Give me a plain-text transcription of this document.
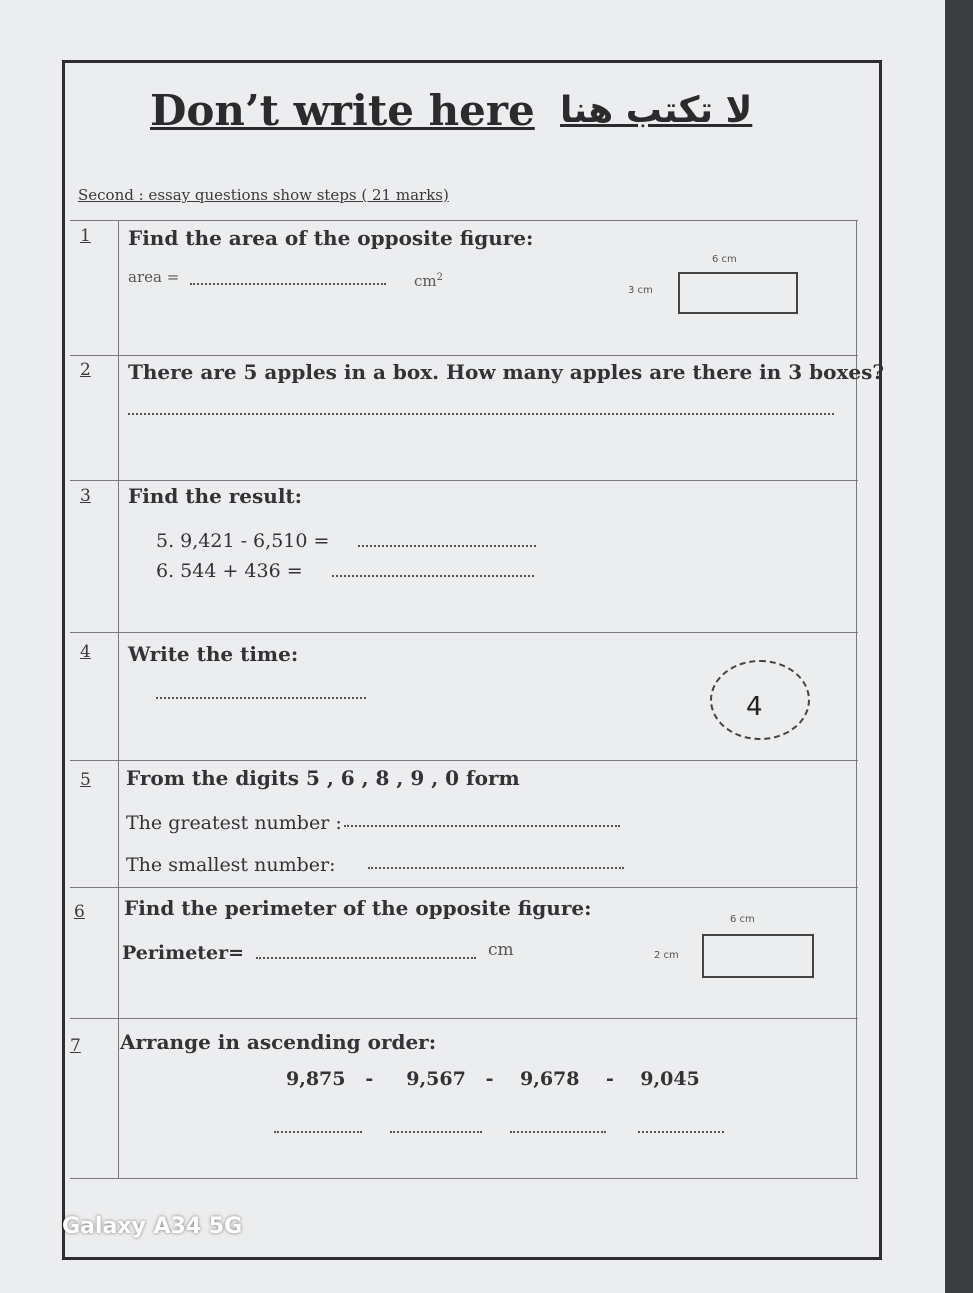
Don’t write here لا تكتب هنا
Second : essay questions show steps ( 21 marks)
1 Find the area of the opposite figure:
area =	$cm^2$
6 cm
3 cm
2 There are 5 apples in a box. How many apples are there in 3 boxes?
3 Find the result:
5. 9,421 - 6,510 =
6. 544 + 436 =
4 Write the time:
4
5 From the digits 5 , 6 , 8 , 9 , 0 form
The greatest number :
The smallest number:
6 Find the perimeter of the opposite figure:
Perimeter=	cm
6 cm
2 cm
7 Arrange in ascending order:
9,875   -     9,567   -    9,678    -    9,045
Galaxy A34 5G
